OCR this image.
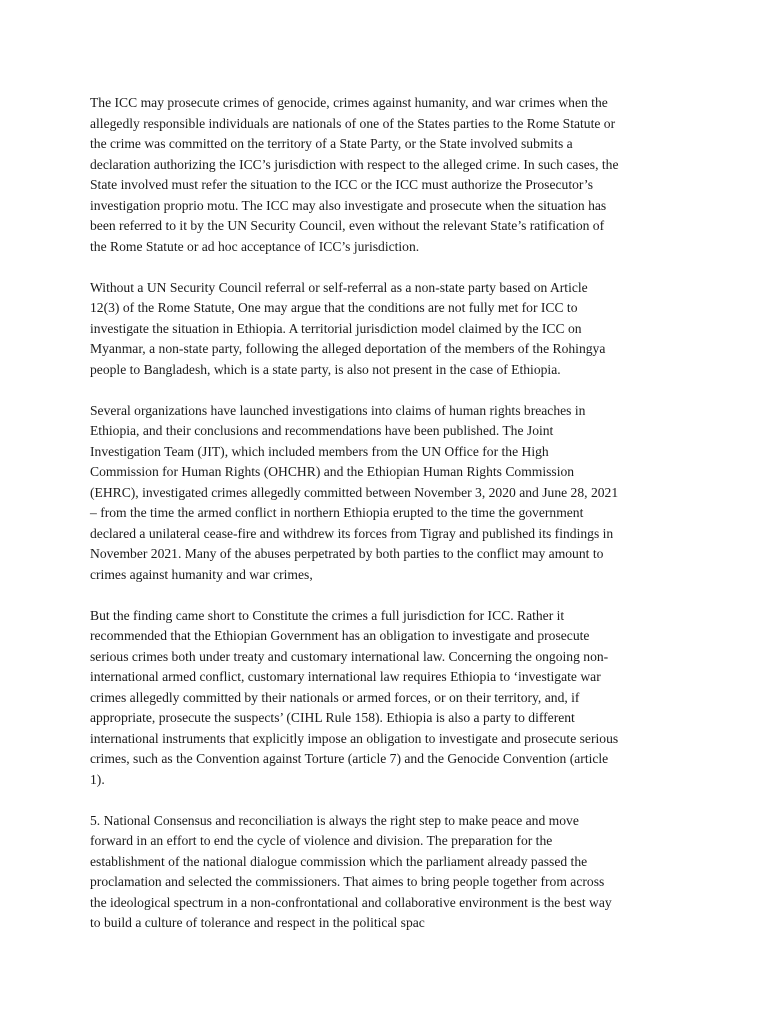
The ICC may prosecute crimes of genocide, crimes against humanity, and war crimes when the
allegedly responsible individuals are nationals of one of the States parties to the Rome Statute or
the crime was committed on the territory of a State Party, or the State involved submits a
declaration authorizing the ICC’s jurisdiction with respect to the alleged crime. In such cases, the
State involved must refer the situation to the ICC or the ICC must authorize the Prosecutor’s
investigation proprio motu. The ICC may also investigate and prosecute when the situation has
been referred to it by the UN Security Council, even without the relevant State’s ratification of
the Rome Statute or ad hoc acceptance of ICC’s jurisdiction.

Without a UN Security Council referral or self-referral as a non-state party based on Article
12(3) of the Rome Statute, One may argue that the conditions are not fully met for ICC to
investigate the situation in Ethiopia. A territorial jurisdiction model claimed by the ICC on
Myanmar, a non-state party, following the alleged deportation of the members of the Rohingya
people to Bangladesh, which is a state party, is also not present in the case of Ethiopia.

Several organizations have launched investigations into claims of human rights breaches in
Ethiopia, and their conclusions and recommendations have been published. The Joint
Investigation Team (JIT), which included members from the UN Office for the High
Commission for Human Rights (OHCHR) and the Ethiopian Human Rights Commission
(EHRC), investigated crimes allegedly committed between November 3, 2020 and June 28, 2021
– from the time the armed conflict in northern Ethiopia erupted to the time the government
declared a unilateral cease-fire and withdrew its forces from Tigray and published its findings in
November 2021. Many of the abuses perpetrated by both parties to the conflict may amount to
crimes against humanity and war crimes,

But the finding came short to Constitute the crimes a full jurisdiction for ICC. Rather it
recommended that the Ethiopian Government has an obligation to investigate and prosecute
serious crimes both under treaty and customary international law. Concerning the ongoing non-
international armed conflict, customary international law requires Ethiopia to ‘investigate war
crimes allegedly committed by their nationals or armed forces, or on their territory, and, if
appropriate, prosecute the suspects’ (CIHL Rule 158). Ethiopia is also a party to different
international instruments that explicitly impose an obligation to investigate and prosecute serious
crimes, such as the Convention against Torture (article 7) and the Genocide Convention (article
1).

5. National Consensus and reconciliation is always the right step to make peace and move
forward in an effort to end the cycle of violence and division. The preparation for the
establishment of the national dialogue commission which the parliament already passed the
proclamation and selected the commissioners. That aimes to bring people together from across
the ideological spectrum in a non-confrontational and collaborative environment is the best way
to build a culture of tolerance and respect in the political spac
